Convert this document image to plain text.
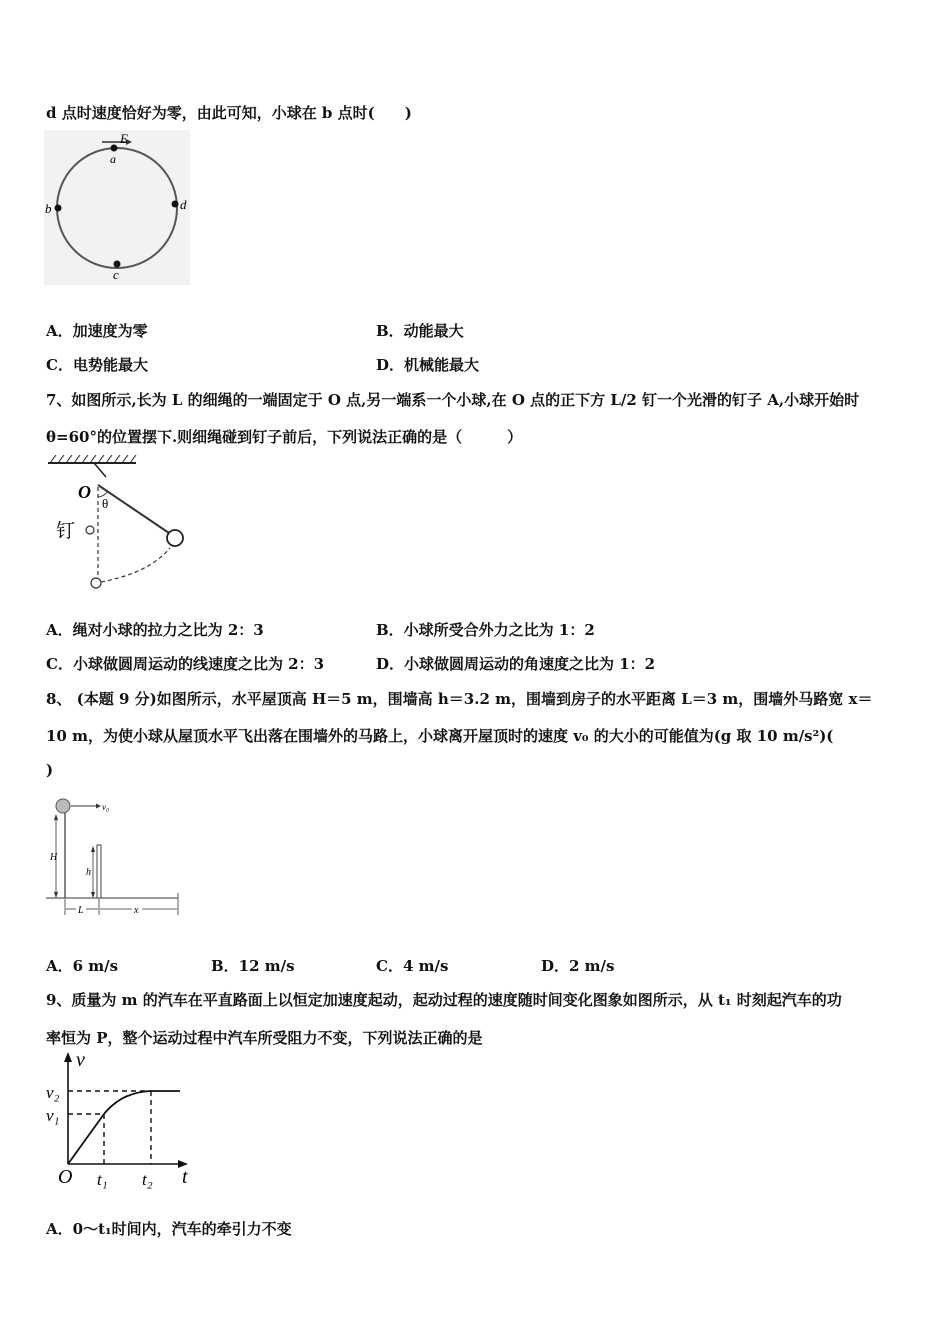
d 点时速度恰好为零，由此可知，小球在 b 点时(　　)
E
a
b	d
c
A．加速度为零	B．动能最大
C．电势能最大	D．机械能最大
7、如图所示,长为 L 的细绳的一端固定于 O 点,另一端系一个小球,在 O 点的正下方 L/2 钉一个光滑的钉子 A,小球开始时
θ=60°的位置摆下.则细绳碰到钉子前后，下列说法正确的是（　　　）
O
θ
钉
A．绳对小球的拉力之比为 2：3	B．小球所受合外力之比为 1：2
C．小球做圆周运动的线速度之比为 2：3	D．小球做圆周运动的角速度之比为 1：2
8、 (本题 9 分)如图所示，水平屋顶高 H＝5 m，围墙高 h＝3.2 m，围墙到房子的水平距离 L＝3 m，围墙外马路宽 x＝
10 m，为使小球从屋顶水平飞出落在围墙外的马路上，小球离开屋顶时的速度 v₀ 的大小的可能值为(g 取 10 m/s²)(
)
v₀
H
h
L	x
A．6 m/s	B．12 m/s	C．4 m/s	D．2 m/s
9、质量为 m 的汽车在平直路面上以恒定加速度起动，起动过程的速度随时间变化图象如图所示，从 t₁ 时刻起汽车的功
率恒为 P，整个运动过程中汽车所受阻力不变，下列说法正确的是
v
v₂
v₁
O t₁ t₂ t
A．0～t₁时间内，汽车的牵引力不变
